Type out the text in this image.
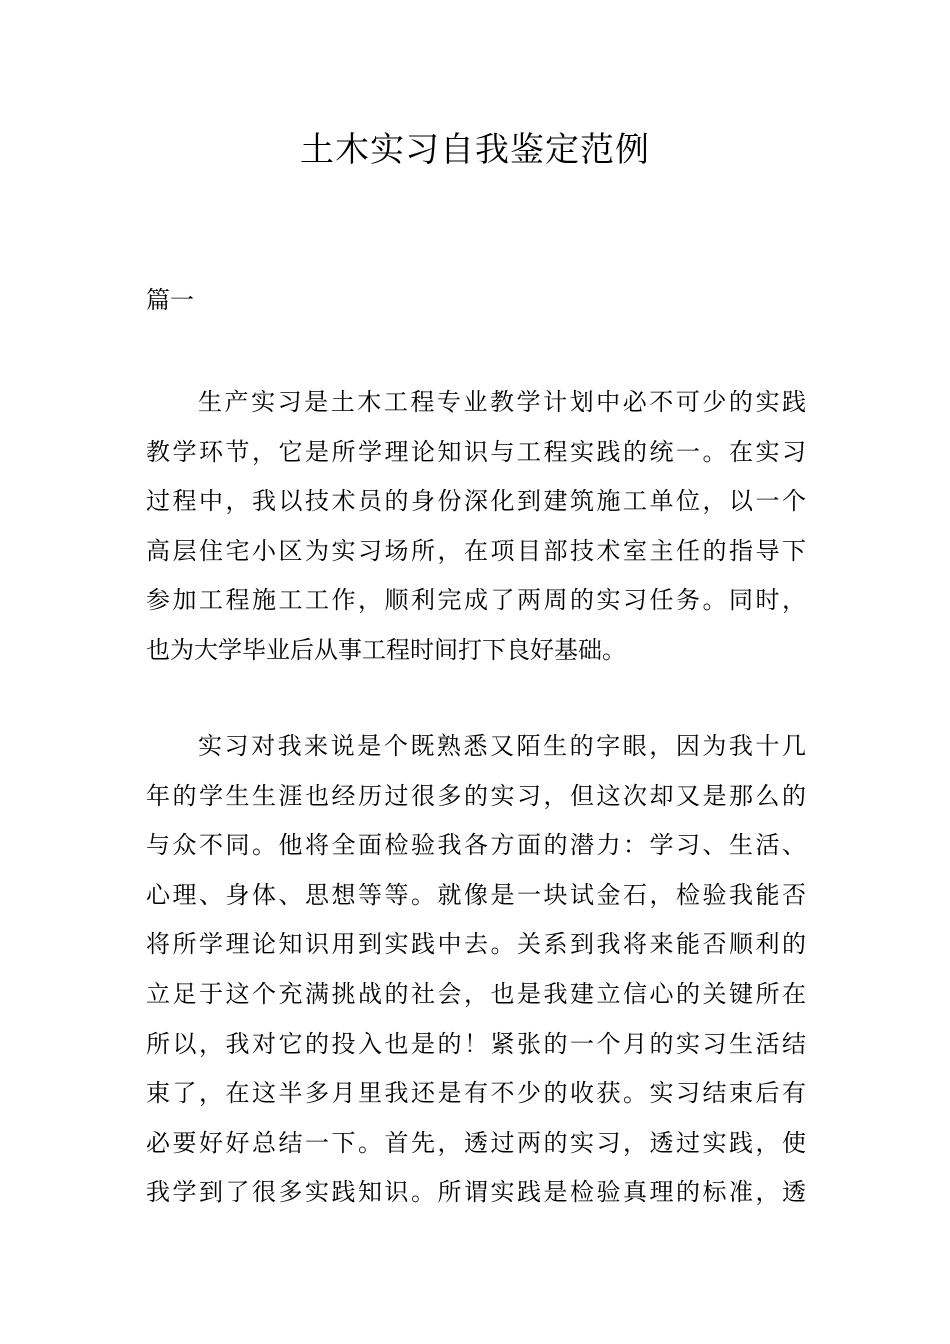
土木实习自我鉴定范例

篇一

生产实习是土木工程专业教学计划中必不可少的实践
教学环节，它是所学理论知识与工程实践的统一。在实习
过程中，我以技术员的身份深化到建筑施工单位，以一个
高层住宅小区为实习场所，在项目部技术室主任的指导下
参加工程施工工作，顺利完成了两周的实习任务。同时，
也为大学毕业后从事工程时间打下良好基础。
实习对我来说是个既熟悉又陌生的字眼，因为我十几
年的学生生涯也经历过很多的实习，但这次却又是那么的
与众不同。他将全面检验我各方面的潜力：学习、生活、
心理、身体、思想等等。就像是一块试金石，检验我能否
将所学理论知识用到实践中去。关系到我将来能否顺利的
立足于这个充满挑战的社会，也是我建立信心的关键所在
所以，我对它的投入也是的！紧张的一个月的实习生活结
束了，在这半多月里我还是有不少的收获。实习结束后有
必要好好总结一下。首先，透过两的实习，透过实践，使
我学到了很多实践知识。所谓实践是检验真理的标准，透
